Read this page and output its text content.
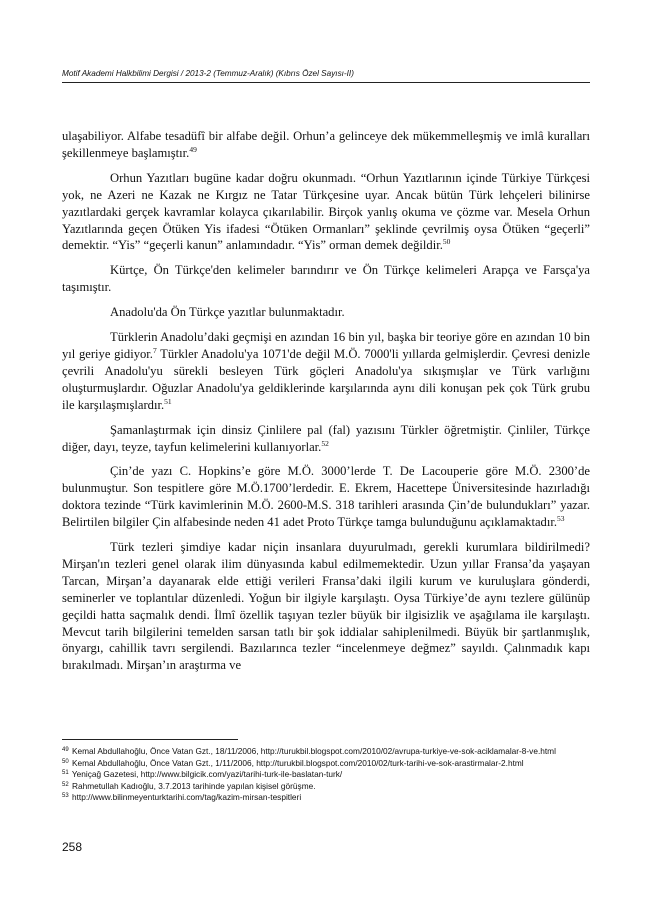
Motif Akademi Halkbilimi Dergisi / 2013-2 (Temmuz-Aralık) (Kıbrıs Özel Sayısı-II)

ulaşabiliyor. Alfabe tesadüfî bir alfabe değil. Orhun’a gelinceye dek mükemmelleşmiş ve imlâ kuralları şekillenmeye başlamıştır.$^{49}$

Orhun Yazıtları bugüne kadar doğru okunmadı. “Orhun Yazıtlarının içinde Türkiye Türkçesi yok, ne Azeri ne Kazak ne Kırgız ne Tatar Türkçesine uyar. Ancak bütün Türk lehçeleri bilinirse yazıtlardaki gerçek kavramlar kolayca çıkarılabilir. Birçok yanlış okuma ve çözme var. Mesela Orhun Yazıtlarında geçen Ötüken Yis ifadesi “Ötüken Ormanları” şeklinde çevrilmiş oysa Ötüken “geçerli” demektir. “Yis” “geçerli kanun” anlamındadır. “Yis” orman demek değildir.$^{50}$

Kürtçe, Ön Türkçe'den kelimeler barındırır ve Ön Türkçe kelimeleri Arapça ve Farsça'ya taşımıştır.

Anadolu'da Ön Türkçe yazıtlar bulunmaktadır.

Türklerin Anadolu’daki geçmişi en azından 16 bin yıl, başka bir teoriye göre en azından 10 bin yıl geriye gidiyor.$^7$ Türkler Anadolu'ya 1071'de değil M.Ö. 7000'li yıllarda gelmişlerdir. Çevresi denizle çevrili Anadolu'yu sürekli besleyen Türk göçleri Anadolu'ya sıkışmışlar ve Türk varlığını oluşturmuşlardır. Oğuzlar Anadolu'ya geldiklerinde karşılarında aynı dili konuşan pek çok Türk grubu ile karşılaşmışlardır.$^{51}$

Şamanlaştırmak için dinsiz Çinlilere pal (fal) yazısını Türkler öğretmiştir. Çinliler, Türkçe diğer, dayı, teyze, tayfun kelimelerini kullanıyorlar.$^{52}$

Çin’de yazı C. Hopkins’e göre M.Ö. 3000’lerde T. De Lacouperie göre M.Ö. 2300’de bulunmuştur. Son tespitlere göre M.Ö.1700’lerdedir. E. Ekrem, Hacettepe Üniversitesinde hazırladığı doktora tezinde “Türk kavimlerinin M.Ö. 2600-M.S. 318 tarihleri arasında Çin’de bulundukları” yazar. Belirtilen bilgiler Çin alfabesinde neden 41 adet Proto Türkçe tamga bulunduğunu açıklamaktadır.$^{53}$

Türk tezleri şimdiye kadar niçin insanlara duyurulmadı, gerekli kurumlara bildirilmedi? Mirşan'ın tezleri genel olarak ilim dünyasında kabul edilmemektedir. Uzun yıllar Fransa’da yaşayan Tarcan, Mirşan’a dayanarak elde ettiği verileri Fransa’daki ilgili kurum ve kuruluşlara gönderdi, seminerler ve toplantılar düzenledi. Yoğun bir ilgiyle karşılaştı. Oysa Türkiye’de aynı tezlere gülünüp geçildi hatta saçmalık dendi. İlmî özellik taşıyan tezler büyük bir ilgisizlik ve aşağılama ile karşılaştı. Mevcut tarih bilgilerini temelden sarsan tatlı bir şok iddialar sahiplenilmedi. Büyük bir şartlanmışlık, önyargı, cahillik tavrı sergilendi. Bazılarınca tezler “incelenmeye değmez” sayıldı. Çalınmadık kapı bırakılmadı. Mirşan’ın araştırma ve

$^{49}$ Kemal Abdullahoğlu, Önce Vatan Gzt., 18/11/2006, http://turukbil.blogspot.com/2010/02/avrupa-turkiye-ve-sok-aciklamalar-8-ve.html

$^{50}$ Kemal Abdullahoğlu, Önce Vatan Gzt., 1/11/2006, http://turukbil.blogspot.com/2010/02/turk-tarihi-ve-sok-arastirmalar-2.html

$^{51}$ Yeniçağ Gazetesi, http://www.bilgicik.com/yazi/tarihi-turk-ile-baslatan-turk/

$^{52}$ Rahmetullah Kadıoğlu, 3.7.2013 tarihinde yapılan kişisel görüşme.

$^{53}$ http://www.bilinmeyenturktarihi.com/tag/kazim-mirsan-tespitleri

258
